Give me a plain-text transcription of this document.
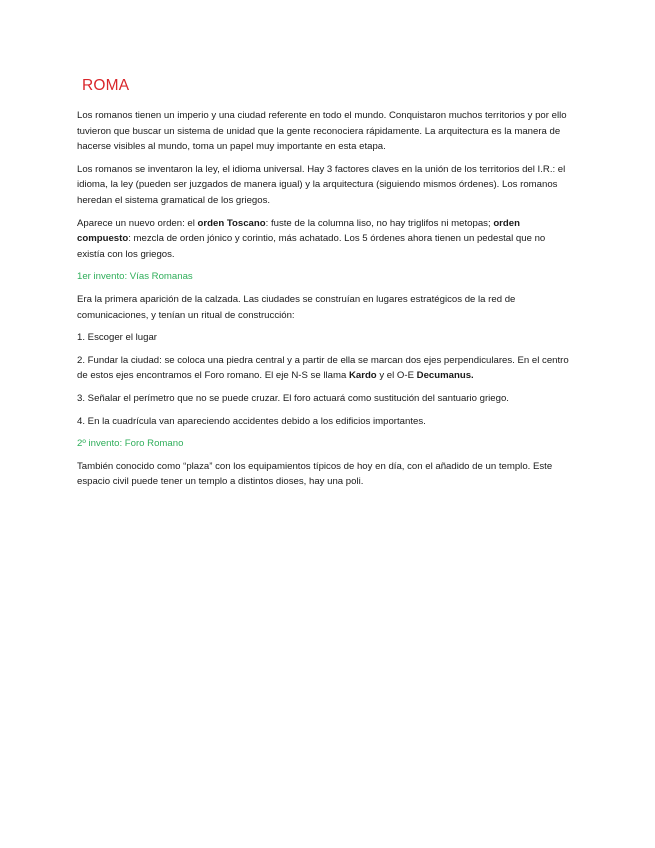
ROMA

Los romanos tienen un imperio y una ciudad referente en todo el mundo. Conquistaron muchos territorios y por ello tuvieron que buscar un sistema de unidad que la gente reconociera rápidamente. La arquitectura es la manera de hacerse visibles al mundo, toma un papel muy importante en esta etapa.

Los romanos se inventaron la ley, el idioma universal. Hay 3 factores claves en la unión de los territorios del I.R.: el idioma, la ley (pueden ser juzgados de manera igual) y la arquitectura (siguiendo mismos órdenes). Los romanos heredan el sistema gramatical de los griegos.

Aparece un nuevo orden: el orden Toscano: fuste de la columna liso, no hay triglifos ni metopas; orden compuesto: mezcla de orden jónico y corintio, más achatado. Los 5 órdenes ahora tienen un pedestal que no existía con los griegos.

1er invento: Vías Romanas

Era la primera aparición de la calzada. Las ciudades se construían en lugares estratégicos de la red de comunicaciones, y tenían un ritual de construcción:

1. Escoger el lugar

2. Fundar la ciudad: se coloca una piedra central y a partir de ella se marcan dos ejes perpendiculares. En el centro de estos ejes encontramos el Foro romano. El eje N-S se llama Kardo y el O-E Decumanus.

3. Señalar el perímetro que no se puede cruzar. El foro actuará como sustitución del santuario griego.

4. En la cuadrícula van apareciendo accidentes debido a los edificios importantes.

2º invento: Foro Romano

También conocido como “plaza” con los equipamientos típicos de hoy en día, con el añadido de un templo. Este espacio civil puede tener un templo a distintos dioses, hay una poli.
